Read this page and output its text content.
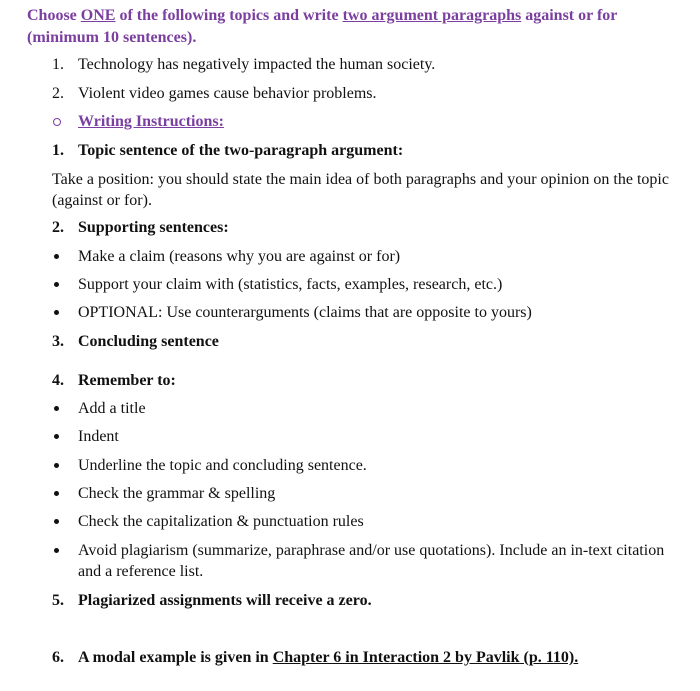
Choose ONE of the following topics and write two argument paragraphs against or for (minimum 10 sentences).
1. Technology has negatively impacted the human society.
2. Violent video games cause behavior problems.
Writing Instructions:
1. Topic sentence of the two-paragraph argument:
Take a position: you should state the main idea of both paragraphs and your opinion on the topic (against or for).
2. Supporting sentences:
Make a claim (reasons why you are against or for)
Support your claim with (statistics, facts, examples, research, etc.)
OPTIONAL: Use counterarguments (claims that are opposite to yours)
3. Concluding sentence
4. Remember to:
Add a title
Indent
Underline the topic and concluding sentence.
Check the grammar & spelling
Check the capitalization & punctuation rules
Avoid plagiarism (summarize, paraphrase and/or use quotations). Include an in-text citation and a reference list.
5. Plagiarized assignments will receive a zero.
6. A modal example is given in Chapter 6 in Interaction 2 by Pavlik (p. 110).
